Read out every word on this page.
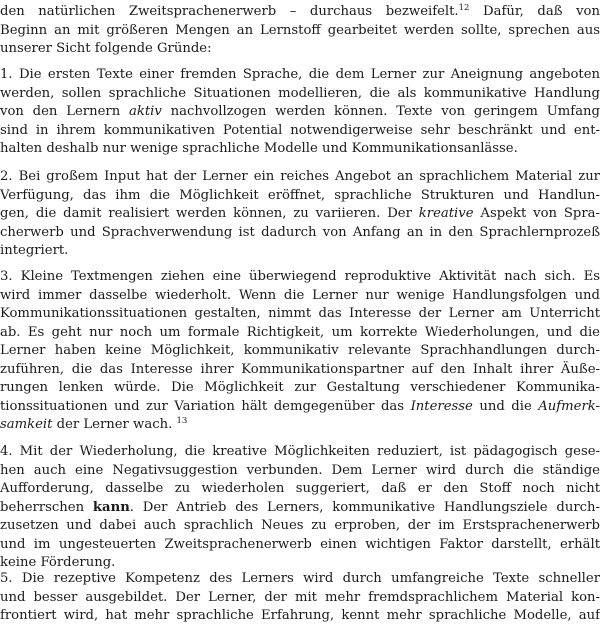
den natürlichen Zweitsprachenerwerb – durchaus bezweifelt.$^{12}$ Dafür, daß von
Beginn an mit größeren Mengen an Lernstoff gearbeitet werden sollte, sprechen aus
unserer Sicht folgende Gründe:
1. Die ersten Texte einer fremden Sprache, die dem Lerner zur Aneignung angeboten
werden, sollen sprachliche Situationen modellieren, die als kommunikative Handlung
von den Lernern aktiv nachvollzogen werden können. Texte von geringem Umfang
sind in ihrem kommunikativen Potential notwendigerweise sehr beschränkt und ent-
halten deshalb nur wenige sprachliche Modelle und Kommunikationsanlässe.
2. Bei großem Input hat der Lerner ein reiches Angebot an sprachlichem Material zur
Verfügung, das ihm die Möglichkeit eröffnet, sprachliche Strukturen und Handlun-
gen, die damit realisiert werden können, zu variieren. Der kreative Aspekt von Spra-
cherwerb und Sprachverwendung ist dadurch von Anfang an in den Sprachlernprozeß
integriert.
3. Kleine Textmengen ziehen eine überwiegend reproduktive Aktivität nach sich. Es
wird immer dasselbe wiederholt. Wenn die Lerner nur wenige Handlungsfolgen und
Kommunikationssituationen gestalten, nimmt das Interesse der Lerner am Unterricht
ab. Es geht nur noch um formale Richtigkeit, um korrekte Wiederholungen, und die
Lerner haben keine Möglichkeit, kommunikativ relevante Sprachhandlungen durch-
zuführen, die das Interesse ihrer Kommunikationspartner auf den Inhalt ihrer Äuße-
rungen lenken würde. Die Möglichkeit zur Gestaltung verschiedener Kommunika-
tionssituationen und zur Variation hält demgegenüber das Interesse und die Aufmerk-
samkeit der Lerner wach. $^{13}$
4. Mit der Wiederholung, die kreative Möglichkeiten reduziert, ist pädagogisch gese-
hen auch eine Negativsuggestion verbunden. Dem Lerner wird durch die ständige
Aufforderung, dasselbe zu wiederholen suggeriert, daß er den Stoff noch nicht
beherrschen kann. Der Antrieb des Lerners, kommunikative Handlungsziele durch-
zusetzen und dabei auch sprachlich Neues zu erproben, der im Erstsprachenerwerb
und im ungesteuerten Zweitsprachenerwerb einen wichtigen Faktor darstellt, erhält
keine Förderung.
5. Die rezeptive Kompetenz des Lerners wird durch umfangreiche Texte schneller
und besser ausgebildet. Der Lerner, der mit mehr fremdsprachlichem Material kon-
frontiert wird, hat mehr sprachliche Erfahrung, kennt mehr sprachliche Modelle, auf
